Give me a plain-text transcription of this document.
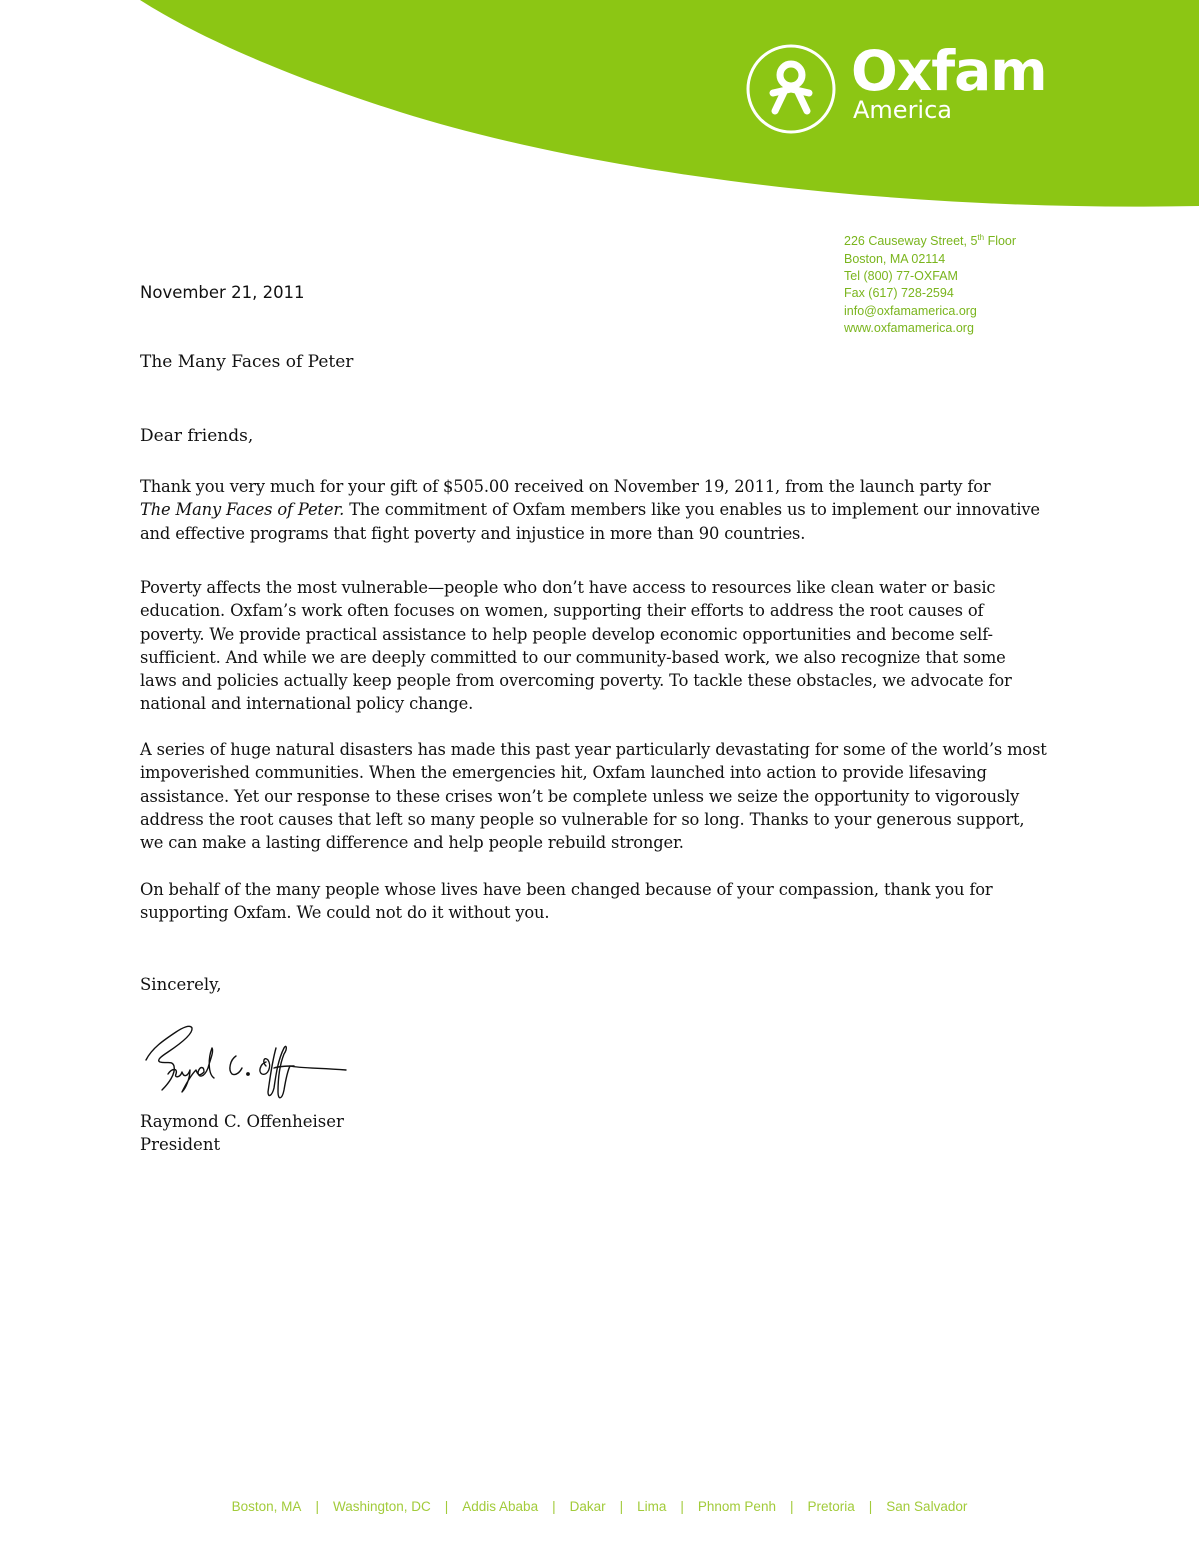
Oxfam
America
226 Causeway Street, 5th Floor
Boston, MA 02114
Tel (800) 77-OXFAM
Fax (617) 728-2594
info@oxfamamerica.org
www.oxfamamerica.org
November 21, 2011
The Many Faces of Peter
Dear friends,

Thank you very much for your gift of $505.00 received on November 19, 2011, from the launch party for

The Many Faces of Peter. The commitment of Oxfam members like you enables us to implement our innovative

and effective programs that fight poverty and injustice in more than 90 countries.

Poverty affects the most vulnerable—people who don’t have access to resources like clean water or basic

education. Oxfam’s work often focuses on women, supporting their efforts to address the root causes of

poverty. We provide practical assistance to help people develop economic opportunities and become self-

sufficient. And while we are deeply committed to our community-based work, we also recognize that some

laws and policies actually keep people from overcoming poverty. To tackle these obstacles, we advocate for

national and international policy change.

A series of huge natural disasters has made this past year particularly devastating for some of the world’s most

impoverished communities. When the emergencies hit, Oxfam launched into action to provide lifesaving

assistance. Yet our response to these crises won’t be complete unless we seize the opportunity to vigorously

address the root causes that left so many people so vulnerable for so long. Thanks to your generous support,

we can make a lasting difference and help people rebuild stronger.

On behalf of the many people whose lives have been changed because of your compassion, thank you for

supporting Oxfam. We could not do it without you.

Sincerely,
Raymond C. Offenheiser
President
Boston, MA | Washington, DC | Addis Ababa | Dakar | Lima | Phnom Penh | Pretoria | San Salvador
